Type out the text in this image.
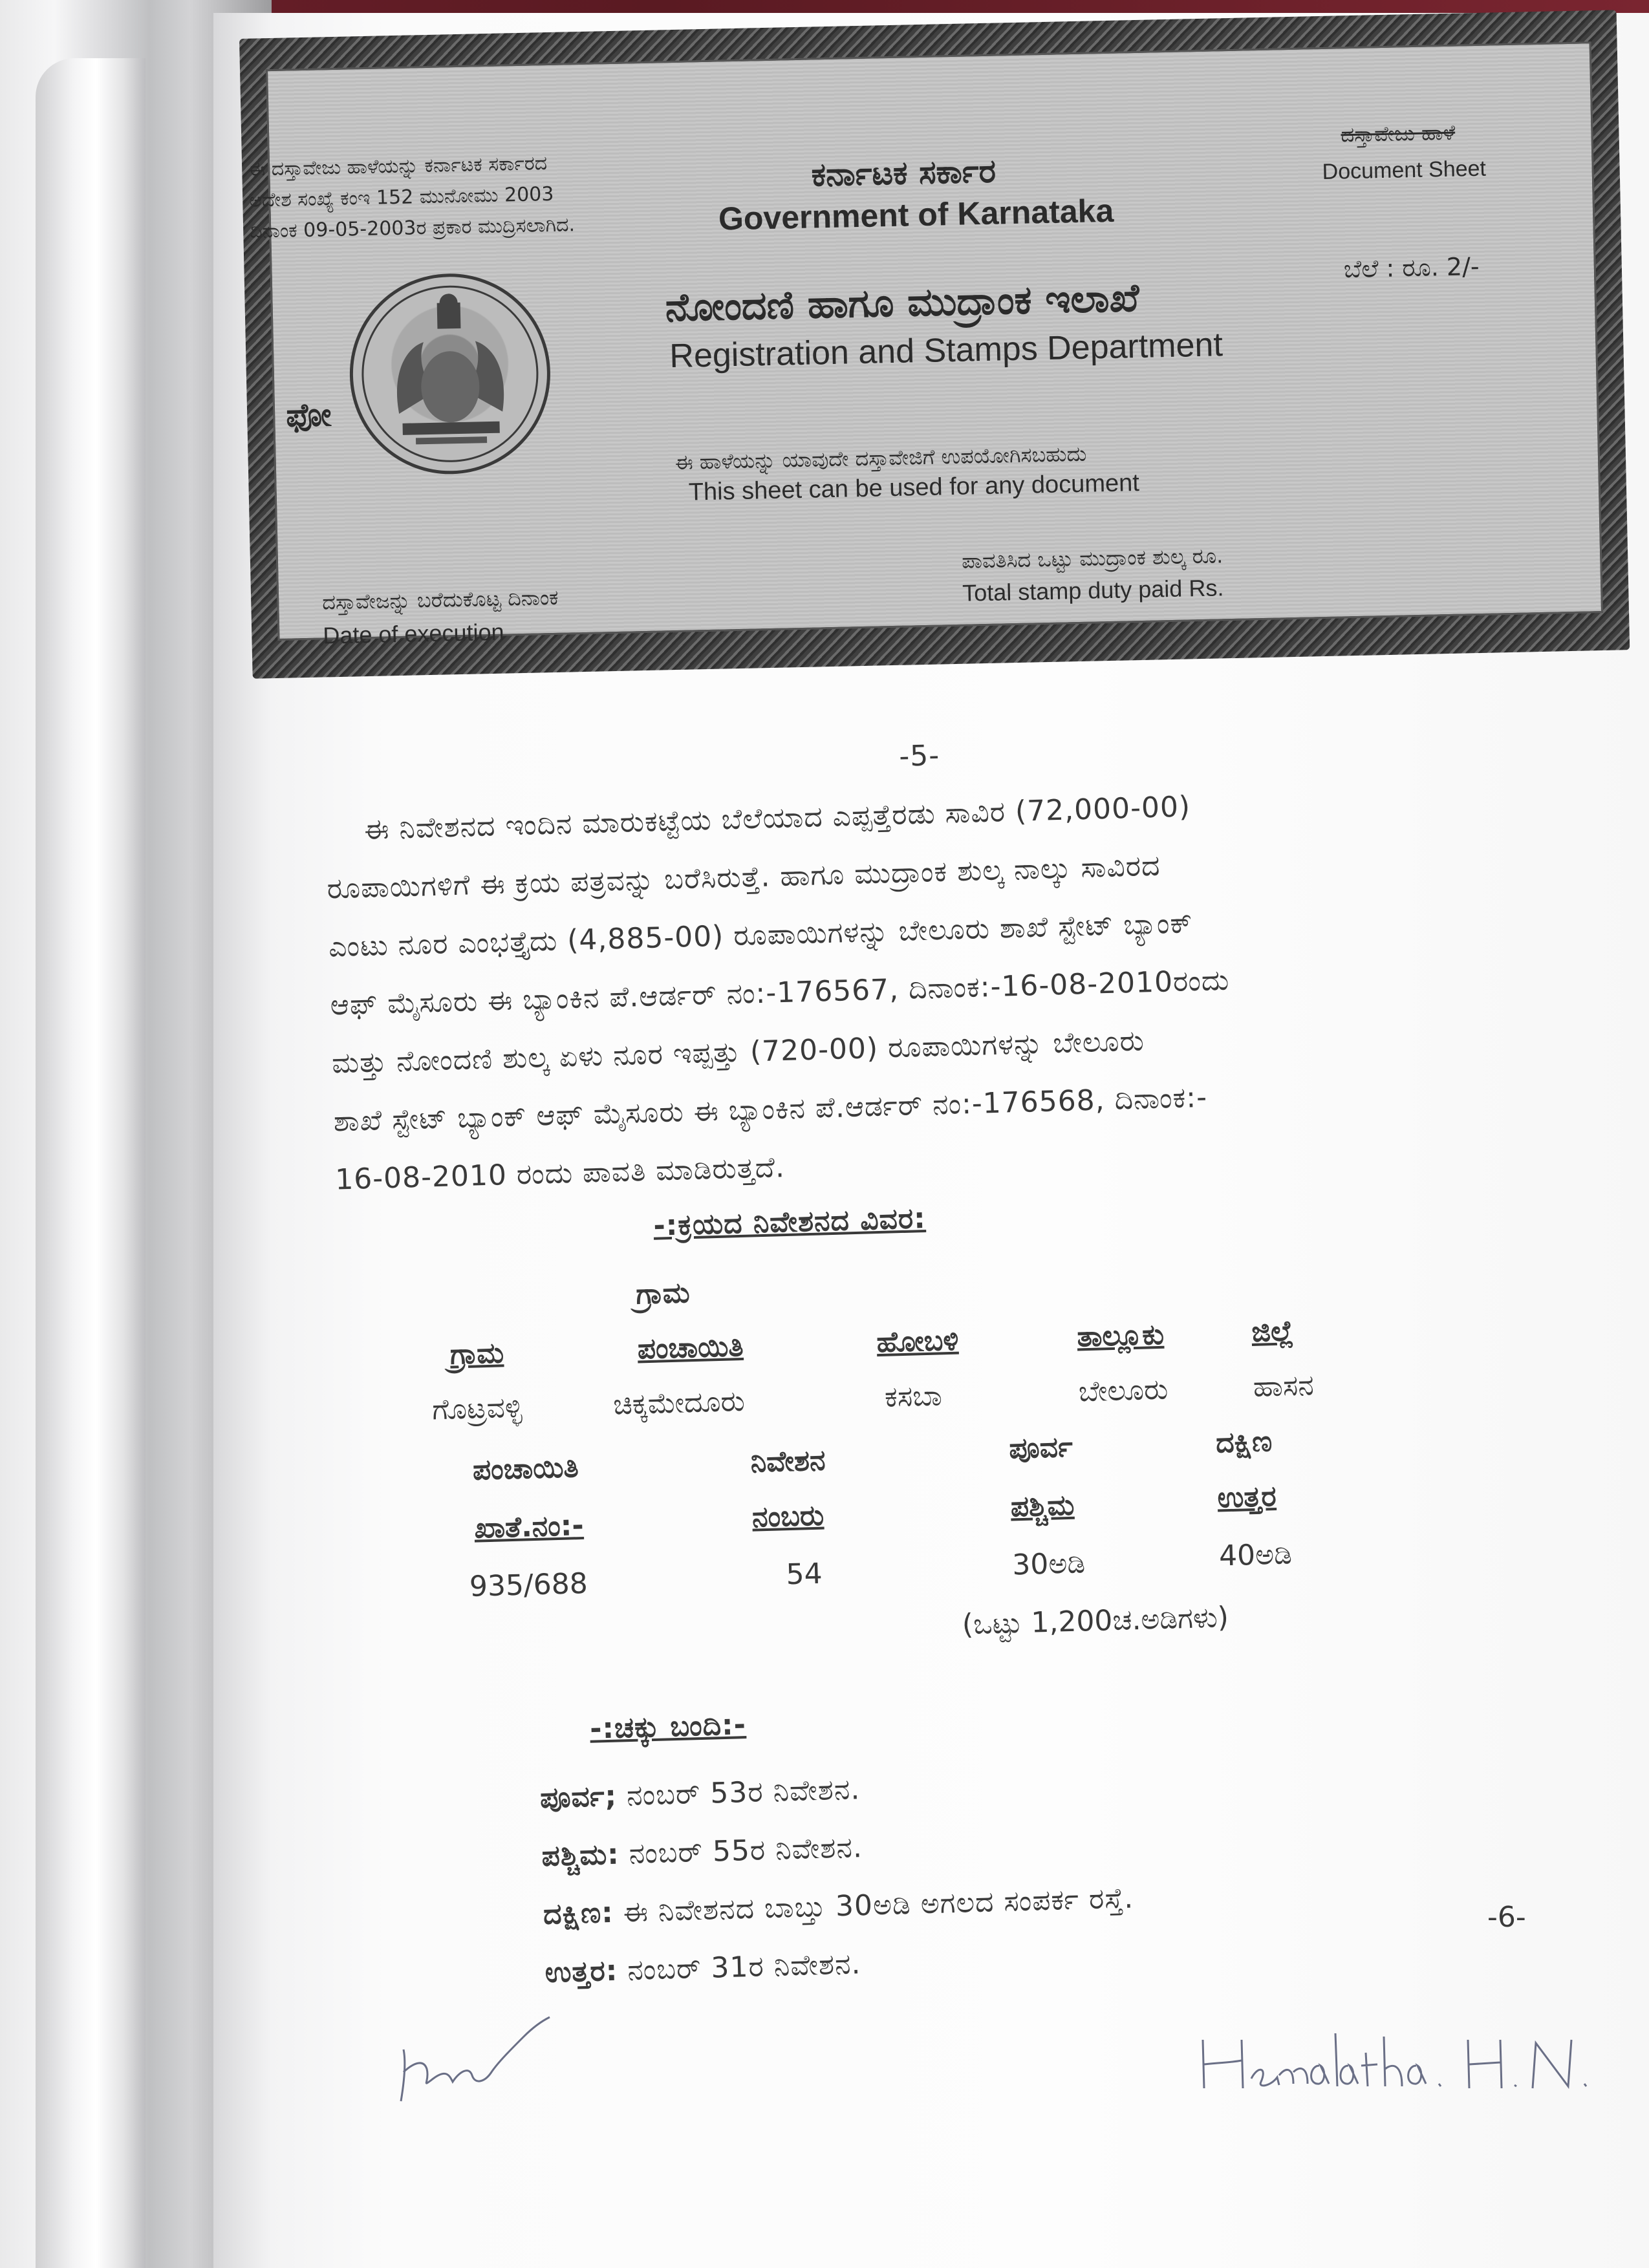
ಈ ದಸ್ತಾವೇಜು ಹಾಳೆಯನ್ನು ಕರ್ನಾಟಕ ಸರ್ಕಾರದ
ಆದೇಶ ಸಂಖ್ಯೆ ಕಂಇ 152 ಮುನೋಮು 2003
ದಿನಾಂಕ 09-05-2003ರ ಪ್ರಕಾರ ಮುದ್ರಿಸಲಾಗಿದ.
ಕರ್ನಾಟಕ ಸರ್ಕಾರ
Government of Karnataka
ದಸ್ತಾವೇಜು ಹಾಳೆ
Document Sheet
ಬೆಲೆ : ರೂ. 2/-
ನೋಂದಣಿ ಹಾಗೂ ಮುದ್ರಾಂಕ ಇಲಾಖೆ
Registration and Stamps Department
ಫೋ
ಈ ಹಾಳೆಯನ್ನು ಯಾವುದೇ ದಸ್ತಾವೇಜಿಗೆ ಉಪಯೋಗಿಸಬಹುದು
This sheet can be used for any document
ದಸ್ತಾವೇಜನ್ನು ಬರೆದುಕೊಟ್ಟ ದಿನಾಂಕ
Date of execution
ಪಾವತಿಸಿದ ಒಟ್ಟು ಮುದ್ರಾಂಕ ಶುಲ್ಕ ರೂ.
Total stamp duty paid Rs.
-5-
ಈ ನಿವೇಶನದ ಇಂದಿನ ಮಾರುಕಟ್ಟೆಯ ಬೆಲೆಯಾದ ಎಪ್ಪತ್ತೆರಡು ಸಾವಿರ (72,000-00)
ರೂಪಾಯಿಗಳಿಗೆ ಈ ಕ್ರಯ ಪತ್ರವನ್ನು ಬರೆಸಿರುತ್ತೆ. ಹಾಗೂ ಮುದ್ರಾಂಕ ಶುಲ್ಕ ನಾಲ್ಕು ಸಾವಿರದ
ಎಂಟು ನೂರ ಎಂಭತ್ತೈದು (4,885-00) ರೂಪಾಯಿಗಳನ್ನು ಬೇಲೂರು ಶಾಖೆ ಸ್ಟೇಟ್ ಬ್ಯಾಂಕ್
ಆಫ್ ಮೈಸೂರು ಈ ಬ್ಯಾಂಕಿನ ಪೆ.ಆರ್ಡರ್ ನಂ:-176567, ದಿನಾಂಕ:-16-08-2010ರಂದು
ಮತ್ತು ನೋಂದಣಿ ಶುಲ್ಕ ಏಳು ನೂರ ಇಪ್ಪತ್ತು (720-00) ರೂಪಾಯಿಗಳನ್ನು ಬೇಲೂರು
ಶಾಖೆ ಸ್ಟೇಟ್ ಬ್ಯಾಂಕ್ ಆಫ್ ಮೈಸೂರು ಈ ಬ್ಯಾಂಕಿನ ಪೆ.ಆರ್ಡರ್ ನಂ:-176568, ದಿನಾಂಕ:-
16-08-2010 ರಂದು ಪಾವತಿ ಮಾಡಿರುತ್ತದೆ.
-:ಕ್ರಯದ ನಿವೇಶನದ ವಿವರ:
ಗ್ರಾಮ
ಗ್ರಾಮ	ಪಂಚಾಯಿತಿ	ಹೋಬಳಿ	ತಾಲ್ಲೂಕು	ಜಿಲ್ಲೆ
ಗೊಟ್ರವಳ್ಳಿ	ಚಿಕ್ಕಮೇದೂರು	ಕಸಬಾ	ಬೇಲೂರು	ಹಾಸನ
ಪಂಚಾಯಿತಿ	ನಿವೇಶನ	ಪೂರ್ವ	ದಕ್ಷಿಣ
ಖಾತೆ.ನಂ:-	ನಂಬರು	ಪಶ್ಚಿಮ	ಉತ್ತರ
935/688	54	30ಅಡಿ	40ಅಡಿ
(ಒಟ್ಟು 1,200ಚ.ಅಡಿಗಳು)
-:ಚಕ್ಕು ಬಂದಿ:-
ಪೂರ್ವ; ನಂಬರ್ 53ರ ನಿವೇಶನ.
ಪಶ್ಚಿಮ: ನಂಬರ್ 55ರ ನಿವೇಶನ.
ದಕ್ಷಿಣ: ಈ ನಿವೇಶನದ ಬಾಬ್ತು 30ಅಡಿ ಅಗಲದ ಸಂಪರ್ಕ ರಸ್ತೆ.
ಉತ್ತರ: ನಂಬರ್ 31ರ ನಿವೇಶನ.
-6-
